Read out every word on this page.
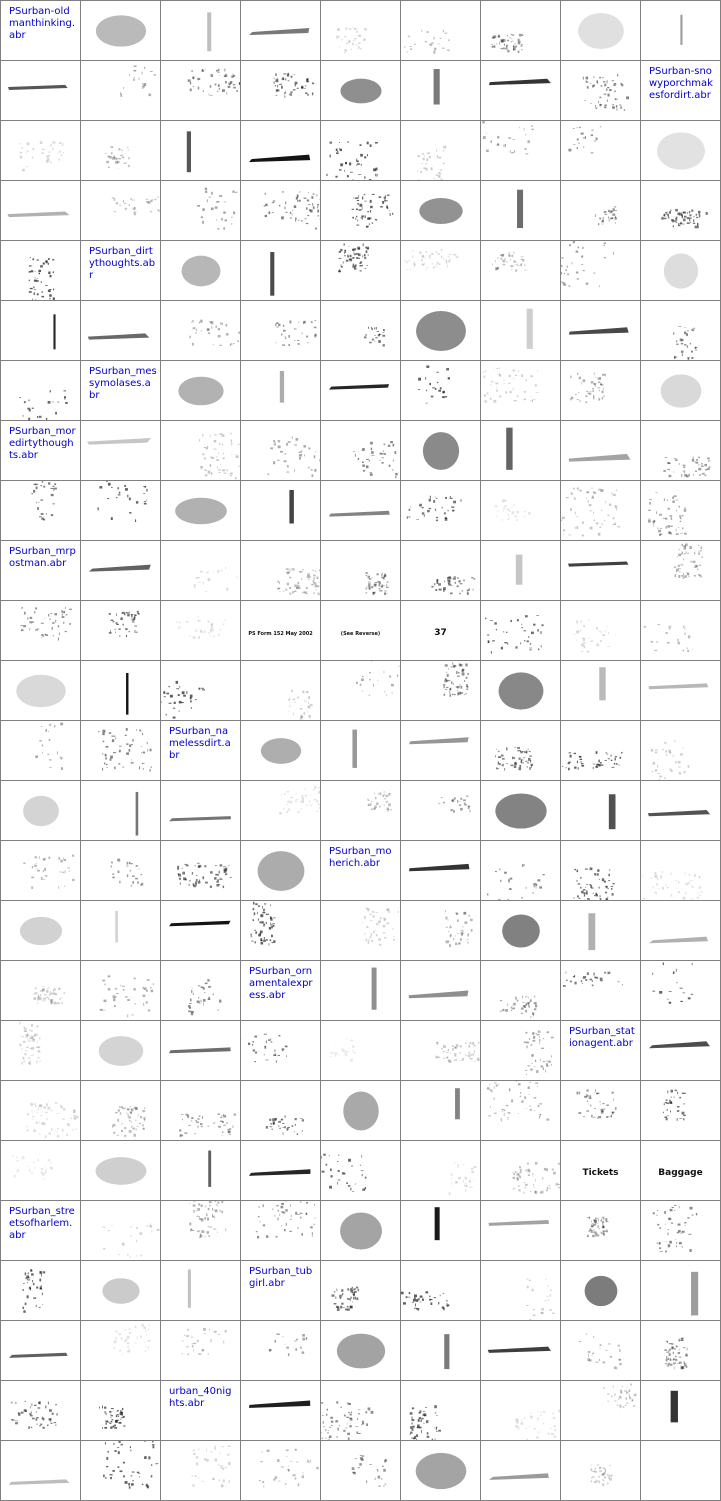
PSurban-oldmanthinking.abr
PSurban-snowyporchmakesfordirt.abr
PSurban_dirtythoughts.abr
PSurban_messymolases.abr
PSurban_moredirtythoughts.abr
PSurban_mrpostman.abr
PS Form 152 May 2002	(See Reverse)	37
PSurban_namelessdirt.abr
PSurban_moherich.abr
PSurban_ornamentalexpress.abr
PSurban_stationagent.abr
Tickets	Baggage
PSurban_streetsofharlem.abr
PSurban_tubgirl.abr
urban_40nights.abr
